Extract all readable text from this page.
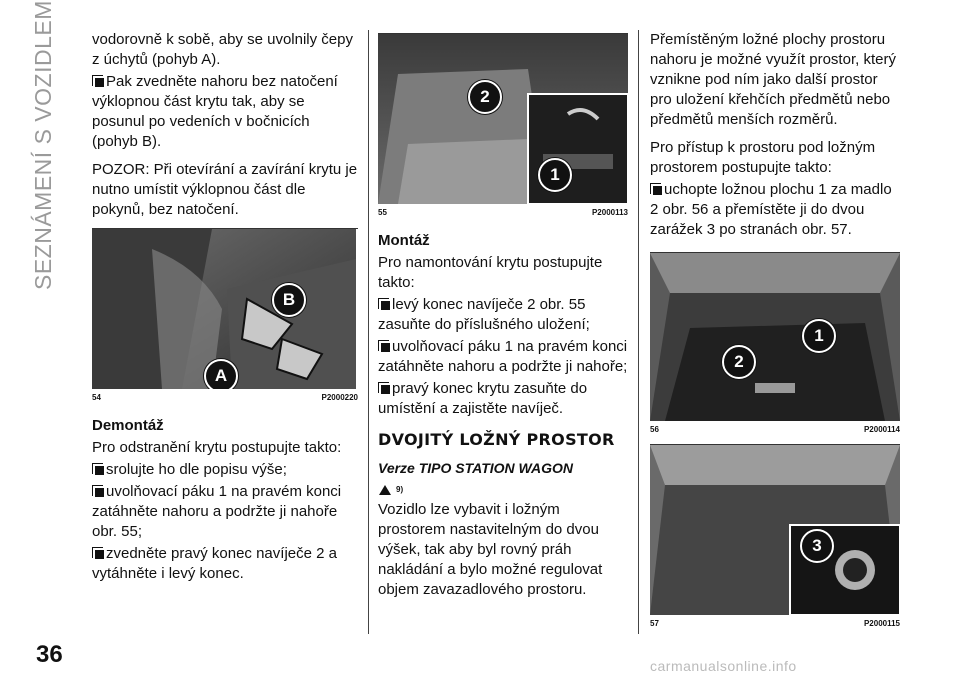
SEZNÁMENÍ S VOZIDLEM
36

vodorovně k sobě, aby se uvolnily čepy z úchytů (pohyb A).

Pak zvedněte nahoru bez natočení výklopnou část krytu tak, aby se posunul po vedeních v bočnicích (pohyb B).

POZOR: Při otevírání a zavírání krytu je nutno umístit výklopnou část dle pokynů, bez natočení.

B
A
54	P2000220

Demontáž

Pro odstranění krytu postupujte takto:

srolujte ho dle popisu výše;

uvolňovací páku 1 na pravém konci zatáhněte nahoru a podržte ji nahoře obr. 55;

zvedněte pravý konec navíječe 2 a vytáhněte i levý konec.

2
1
55	P2000113

Montáž

Pro namontování krytu postupujte takto:

levý konec navíječe 2 obr. 55 zasuňte do příslušného uložení;

uvolňovací páku 1 na pravém konci zatáhněte nahoru a podržte ji nahoře;

pravý konec krytu zasuňte do umístění a zajistěte navíječ.

DVOJITÝ LOŽNÝ PROSTOR

Verze TIPO STATION WAGON

9)

Vozidlo lze vybavit i ložným prostorem nastavitelným do dvou výšek, tak aby byl rovný práh nakládání a bylo možné regulovat objem zavazadlového prostoru.

Přemístěným ložné plochy prostoru nahoru je možné využít prostor, který vznikne pod ním jako další prostor pro uložení křehčích předmětů nebo předmětů menších rozměrů.

Pro přístup k prostoru pod ložným prostorem postupujte takto:

uchopte ložnou plochu 1 za madlo 2 obr. 56 a přemístěte ji do dvou zarážek 3 po stranách obr. 57.

1
2
56	P2000114
3
57	P2000115
carmanualsonline.info
